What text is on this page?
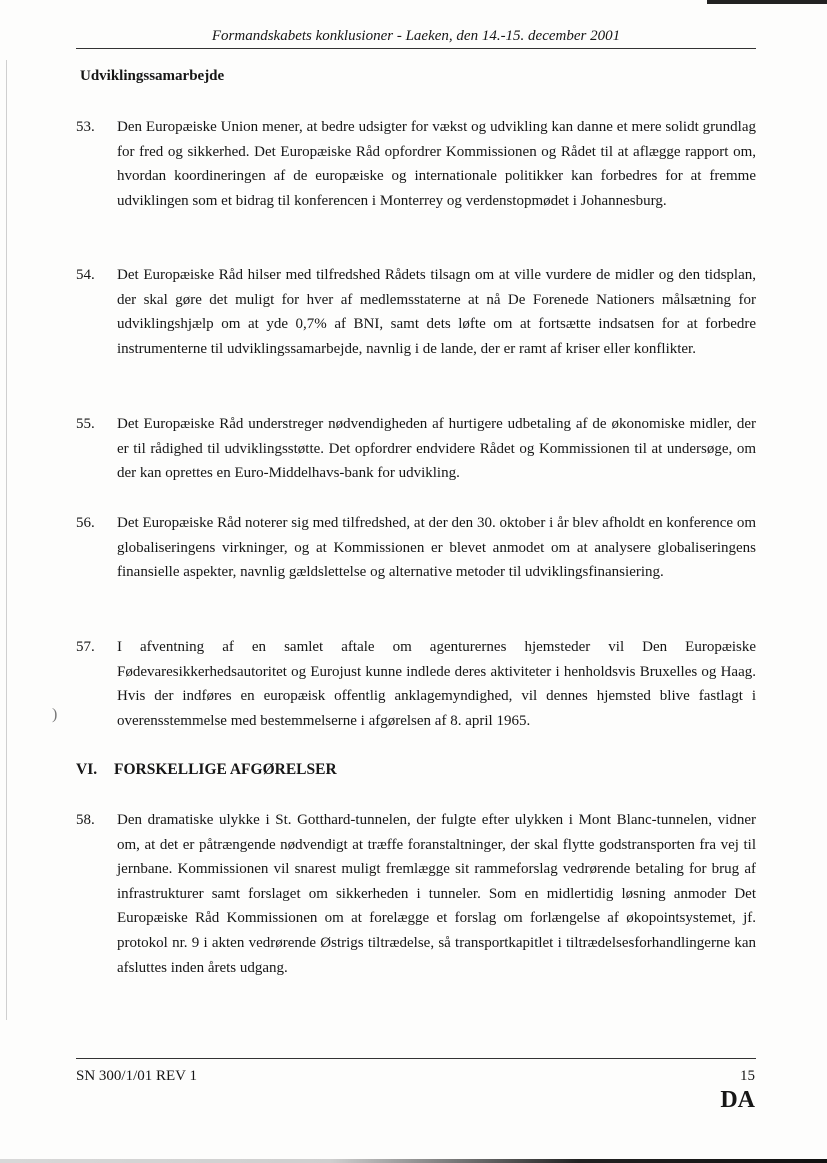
Formandskabets konklusioner - Laeken, den 14.-15. december 2001
Udviklingssamarbejde
53.	Den Europæiske Union mener, at bedre udsigter for vækst og udvikling kan danne et mere solidt grundlag for fred og sikkerhed. Det Europæiske Råd opfordrer Kommissionen og Rådet til at aflægge rapport om, hvordan koordineringen af de europæiske og internationale politikker kan forbedres for at fremme udviklingen som et bidrag til konferencen i Monterrey og verdenstopmødet i Johannesburg.
54.	Det Europæiske Råd hilser med tilfredshed Rådets tilsagn om at ville vurdere de midler og den tidsplan, der skal gøre det muligt for hver af medlemsstaterne at nå De Forenede Nationers målsætning for udviklingshjælp om at yde 0,7% af BNI, samt dets løfte om at fortsætte indsatsen for at forbedre instrumenterne til udviklingssamarbejde, navnlig i de lande, der er ramt af kriser eller konflikter.
55.	Det Europæiske Råd understreger nødvendigheden af hurtigere udbetaling af de økonomiske midler, der er til rådighed til udviklingsstøtte. Det opfordrer endvidere Rådet og Kommissionen til at undersøge, om der kan oprettes en Euro-Middelhavs-bank for udvikling.
56.	Det Europæiske Råd noterer sig med tilfredshed, at der den 30. oktober i år blev afholdt en konference om globaliseringens virkninger, og at Kommissionen er blevet anmodet om at analysere globaliseringens finansielle aspekter, navnlig gældslettelse og alternative metoder til udviklingsfinansiering.
57.	I afventning af en samlet aftale om agenturernes hjemsteder vil Den Europæiske Fødevaresikkerhedsautoritet og Eurojust kunne indlede deres aktiviteter i henholdsvis Bruxelles og Haag. Hvis der indføres en europæisk offentlig anklagemyndighed, vil dennes hjemsted blive fastlagt i overensstemmelse med bestemmelserne i afgørelsen af 8. april 1965.
)
VI. FORSKELLIGE AFGØRELSER
58.	Den dramatiske ulykke i St. Gotthard-tunnelen, der fulgte efter ulykken i Mont Blanc-tunnelen, vidner om, at det er påtrængende nødvendigt at træffe foranstaltninger, der skal flytte godstransporten fra vej til jernbane. Kommissionen vil snarest muligt fremlægge sit rammeforslag vedrørende betaling for brug af infrastrukturer samt forslaget om sikkerheden i tunneler. Som en midlertidig løsning anmoder Det Europæiske Råd Kommissionen om at forelægge et forslag om forlængelse af økopointsystemet, jf. protokol nr. 9 i akten vedrørende Østrigs tiltrædelse, så transportkapitlet i tiltrædelsesforhandlingerne kan afsluttes inden årets udgang.
SN 300/1/01 REV 1	15
DA
